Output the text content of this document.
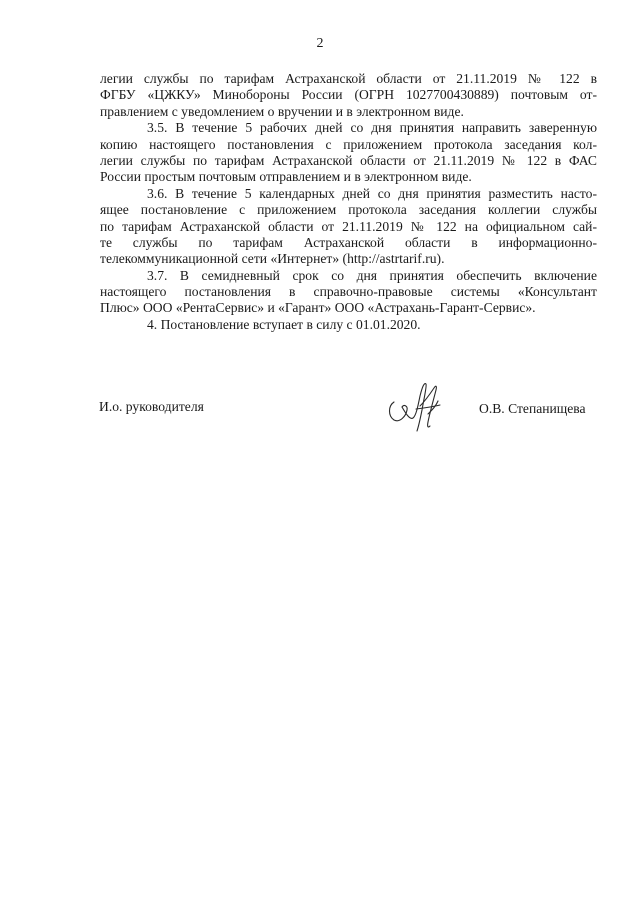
2
легии службы по тарифам Астраханской области от 21.11.2019 № 122 в
ФГБУ «ЦЖКУ» Минобороны России (ОГРН 1027700430889) почтовым от-
правлением с уведомлением о вручении и в электронном виде.
3.5. В течение 5 рабочих дней со дня принятия направить заверенную
копию настоящего постановления с приложением протокола заседания кол-
легии службы по тарифам Астраханской области от 21.11.2019 № 122 в ФАС
России простым почтовым отправлением и в электронном виде.
3.6. В течение 5 календарных дней со дня принятия разместить насто-
ящее постановление с приложением протокола заседания коллегии службы
по тарифам Астраханской области от 21.11.2019 № 122 на официальном сай-
те службы по тарифам Астраханской области в информационно-
телекоммуникационной сети «Интернет» (http://astrtarif.ru).
3.7. В семидневный срок со дня принятия обеспечить включение
настоящего постановления в справочно-правовые системы «Консультант
Плюс» ООО «РентаСервис» и «Гарант» ООО «Астрахань-Гарант-Сервис».
4. Постановление вступает в силу с 01.01.2020.
И.о. руководителя	О.В. Степанищева
